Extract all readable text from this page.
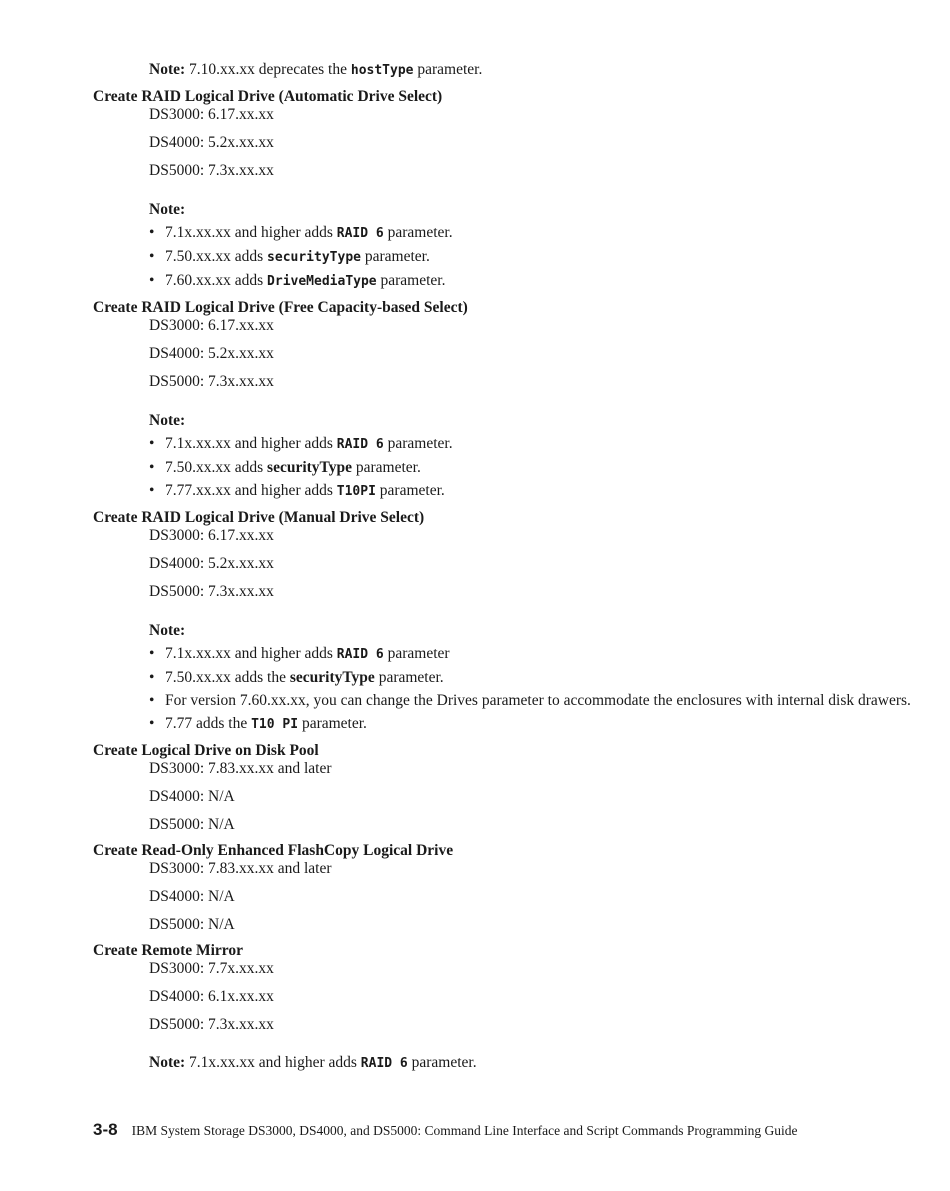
Note: 7.10.xx.xx deprecates the hostType parameter.
Create RAID Logical Drive (Automatic Drive Select)
DS3000: 6.17.xx.xx
DS4000: 5.2x.xx.xx
DS5000: 7.3x.xx.xx
Note:
• 7.1x.xx.xx and higher adds RAID 6 parameter.
• 7.50.xx.xx adds securityType parameter.
• 7.60.xx.xx adds DriveMediaType parameter.
Create RAID Logical Drive (Free Capacity-based Select)
DS3000: 6.17.xx.xx
DS4000: 5.2x.xx.xx
DS5000: 7.3x.xx.xx
Note:
• 7.1x.xx.xx and higher adds RAID 6 parameter.
• 7.50.xx.xx adds securityType parameter.
• 7.77.xx.xx and higher adds T10PI parameter.
Create RAID Logical Drive (Manual Drive Select)
DS3000: 6.17.xx.xx
DS4000: 5.2x.xx.xx
DS5000: 7.3x.xx.xx
Note:
• 7.1x.xx.xx and higher adds RAID 6 parameter
• 7.50.xx.xx adds the securityType parameter.
• For version 7.60.xx.xx, you can change the Drives parameter to accommodate the enclosures with internal disk drawers.
• 7.77 adds the T10 PI parameter.
Create Logical Drive on Disk Pool
DS3000: 7.83.xx.xx and later
DS4000: N/A
DS5000: N/A
Create Read-Only Enhanced FlashCopy Logical Drive
DS3000: 7.83.xx.xx and later
DS4000: N/A
DS5000: N/A
Create Remote Mirror
DS3000: 7.7x.xx.xx
DS4000: 6.1x.xx.xx
DS5000: 7.3x.xx.xx
Note: 7.1x.xx.xx and higher adds RAID 6 parameter.
3-8 IBM System Storage DS3000, DS4000, and DS5000: Command Line Interface and Script Commands Programming Guide
